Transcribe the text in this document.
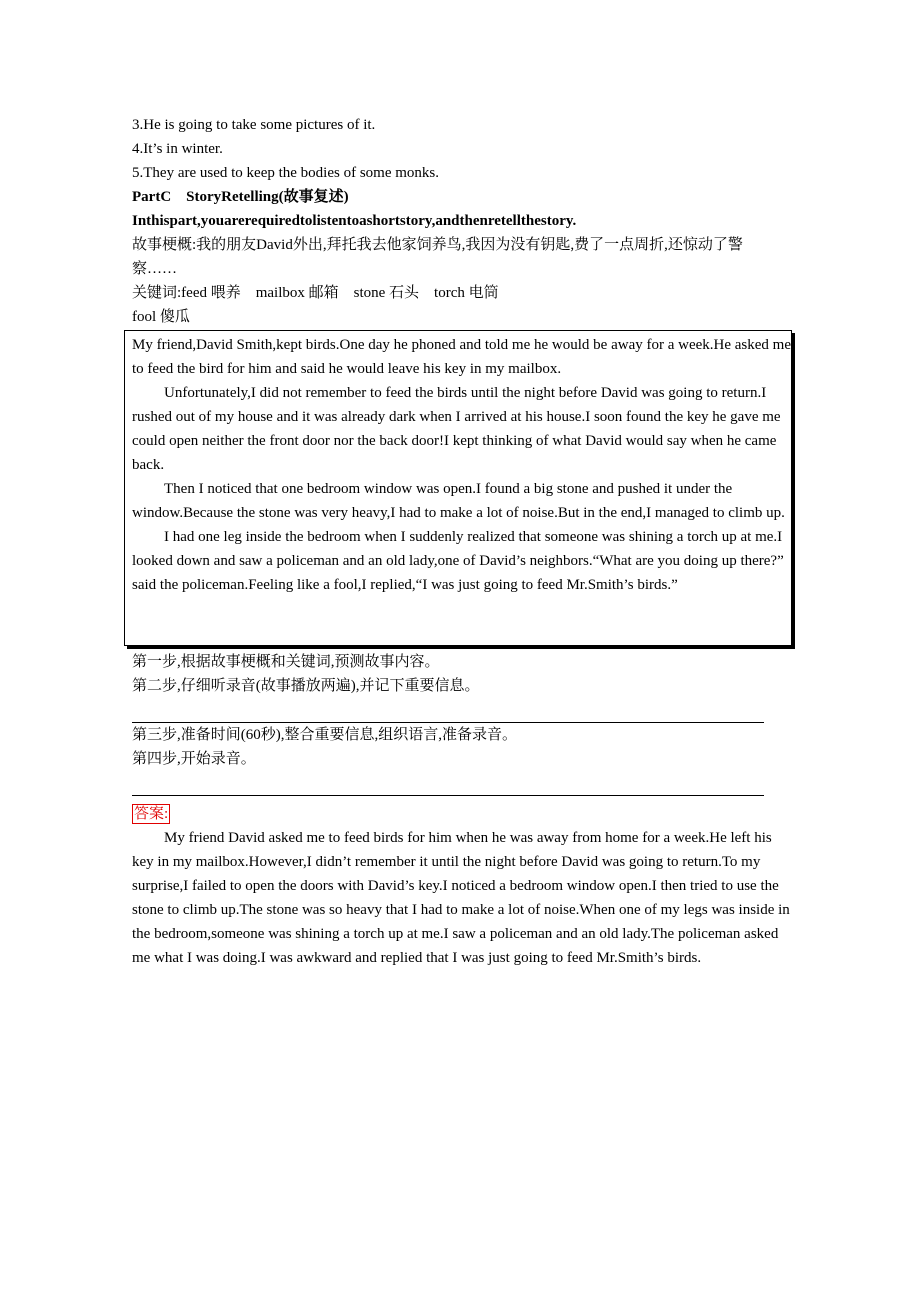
3.He is going to take some pictures of it.
4.It’s in winter.
5.They are used to keep the bodies of some monks.
PartC　StoryRetelling(故事复述)
Inthispart,youarerequiredtolistentoashortstory,andthenretellthestory.
故事梗概:我的朋友David外出,拜托我去他家饲养鸟,我因为没有钥匙,费了一点周折,还惊动了警察……
关键词:feed 喂养　mailbox 邮箱　stone 石头　torch 电筒
fool 傻瓜

My friend,David Smith,kept birds.One day he phoned and told me he would be away for a week.He asked me to feed the bird for him and said he would leave his key in my mailbox.

Unfortunately,I did not remember to feed the birds until the night before David was going to return.I rushed out of my house and it was already dark when I arrived at his house.I soon found the key he gave me could open neither the front door nor the back door!I kept thinking of what David would say when he came back.

Then I noticed that one bedroom window was open.I found a big stone and pushed it under the window.Because the stone was very heavy,I had to make a lot of noise.But in the end,I managed to climb up.

I had one leg inside the bedroom when I suddenly realized that someone was shining a torch up at me.I looked down and saw a policeman and an old lady,one of David’s neighbors.“What are you doing up there?” said the policeman.Feeling like a fool,I replied,“I was just going to feed Mr.Smith’s birds.”

第一步,根据故事梗概和关键词,预测故事内容。
第二步,仔细听录音(故事播放两遍),并记下重要信息。
第三步,准备时间(60秒),整合重要信息,组织语言,准备录音。
第四步,开始录音。
答案:

My friend David asked me to feed birds for him when he was away from home for a week.He left his key in my mailbox.However,I didn’t remember it until the night before David was going to return.To my surprise,I failed to open the doors with David’s key.I noticed a bedroom window open.I then tried to use the stone to climb up.The stone was so heavy that I had to make a lot of noise.When one of my legs was inside in the bedroom,someone was shining a torch up at me.I saw a policeman and an old lady.The policeman asked me what I was doing.I was awkward and replied that I was just going to feed Mr.Smith’s birds.
